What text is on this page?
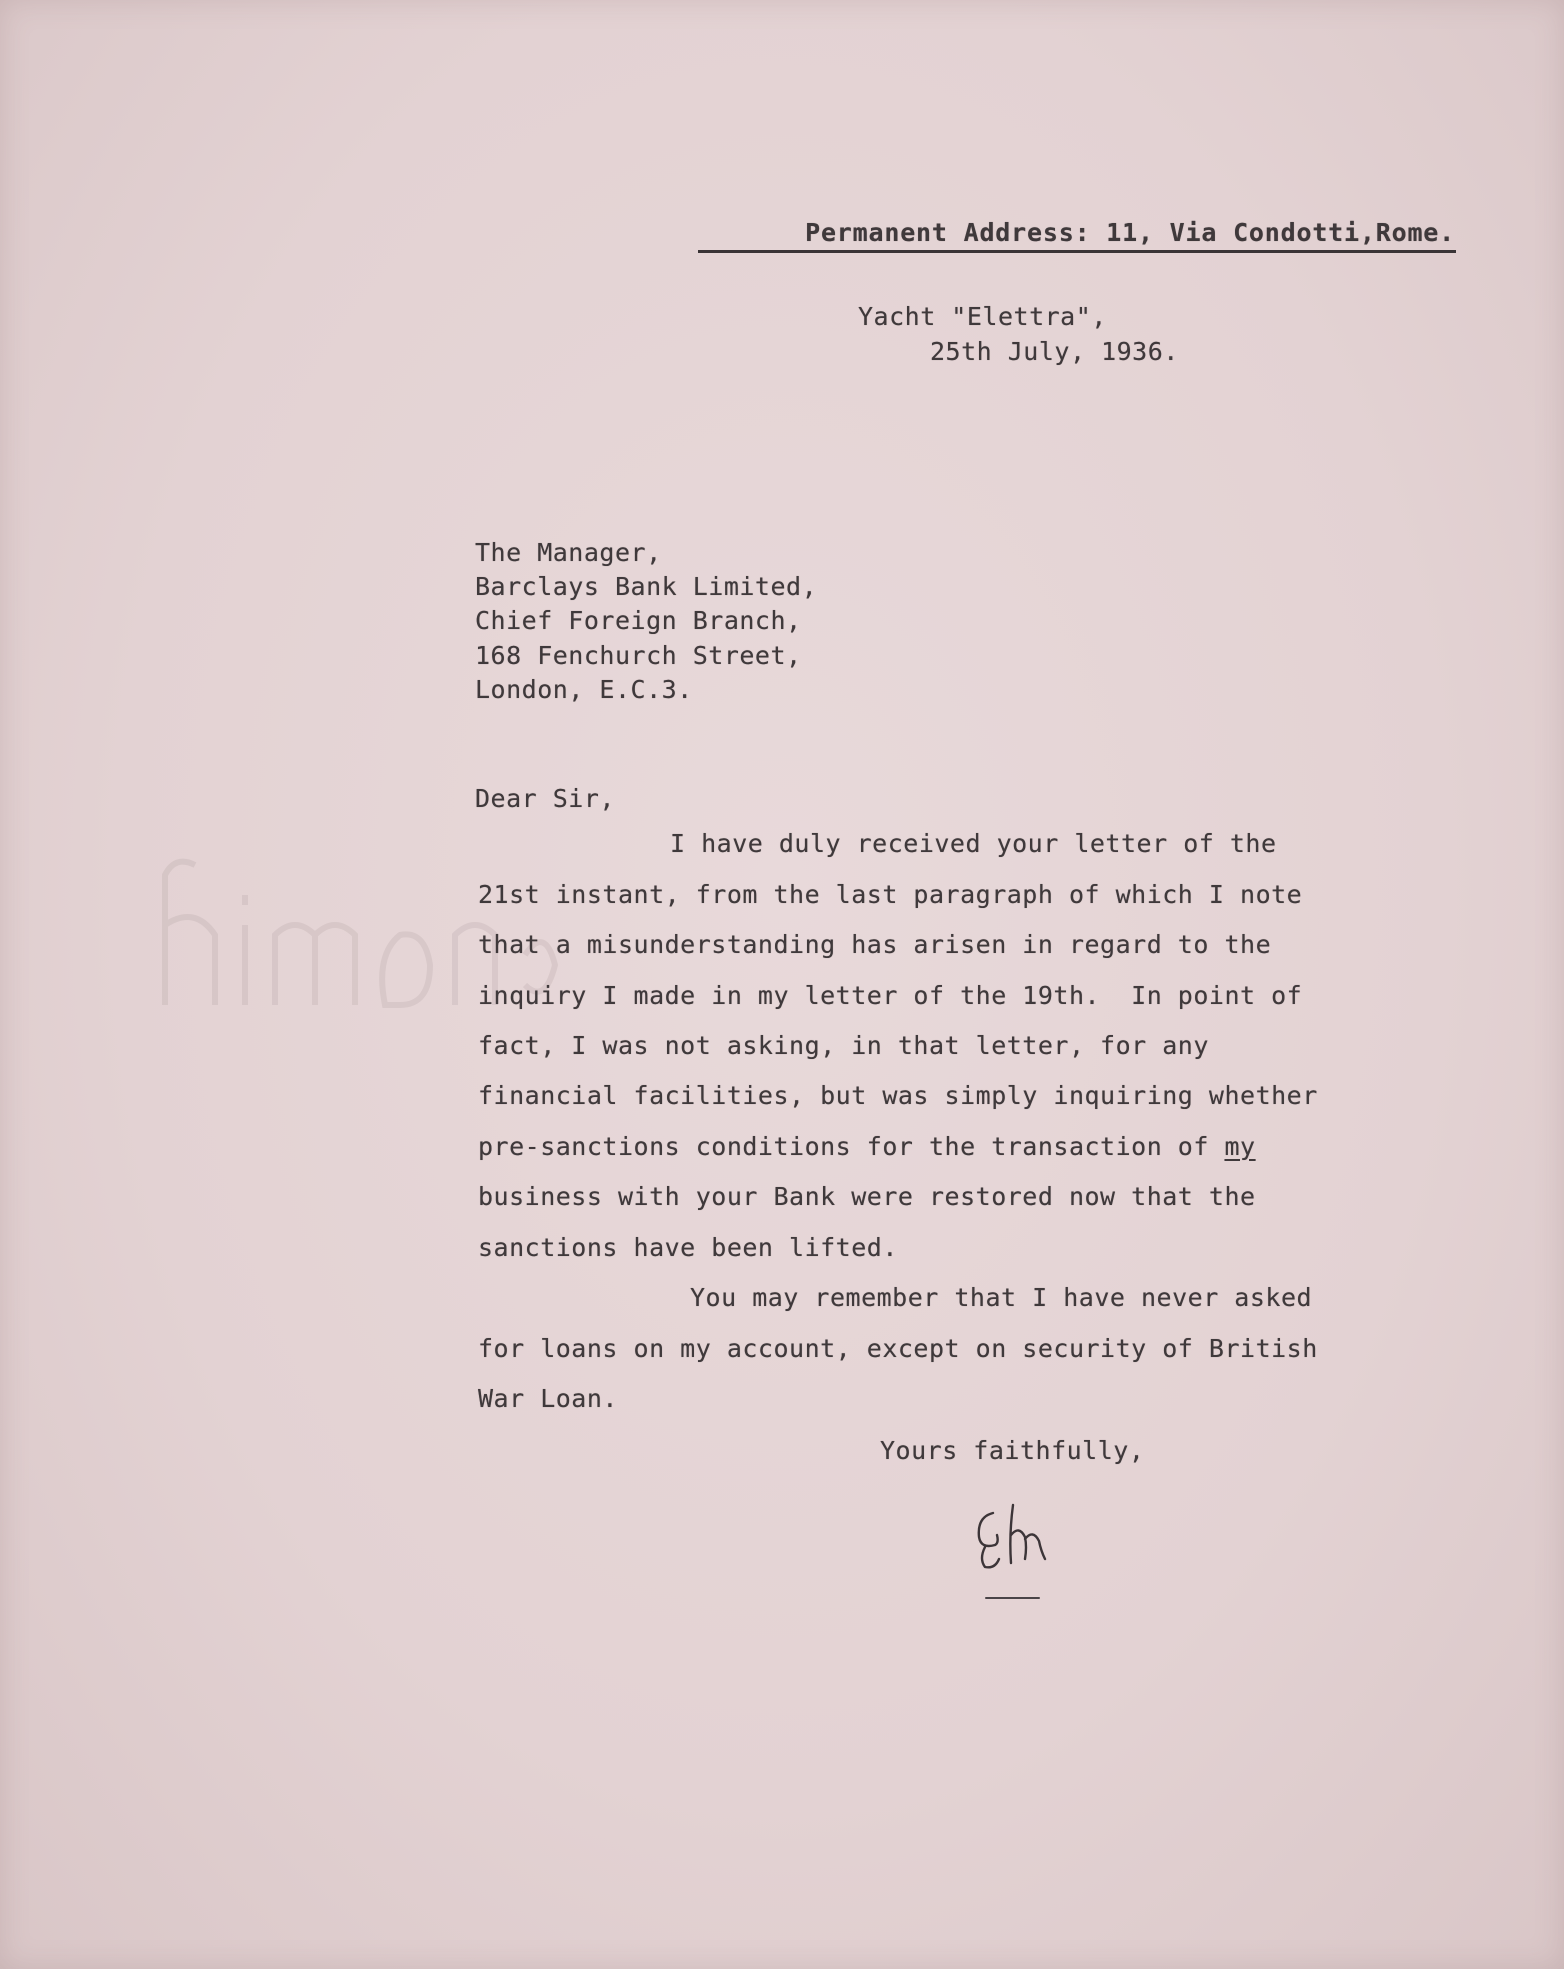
Permanent Address: 11, Via Condotti,Rome.
Yacht "Elettra",
25th July, 1936.
The Manager,
Barclays Bank Limited,
Chief Foreign Branch,
168 Fenchurch Street,
London, E.C.3.
Dear Sir,
I have duly received your letter of the
21st instant, from the last paragraph of which I note
that a misunderstanding has arisen in regard to the
inquiry I made in my letter of the 19th.  In point of
fact, I was not asking, in that letter, for any
financial facilities, but was simply inquiring whether
pre-sanctions conditions for the transaction of my
business with your Bank were restored now that the
sanctions have been lifted.
You may remember that I have never asked
for loans on my account, except on security of British
War Loan.
Yours faithfully,
